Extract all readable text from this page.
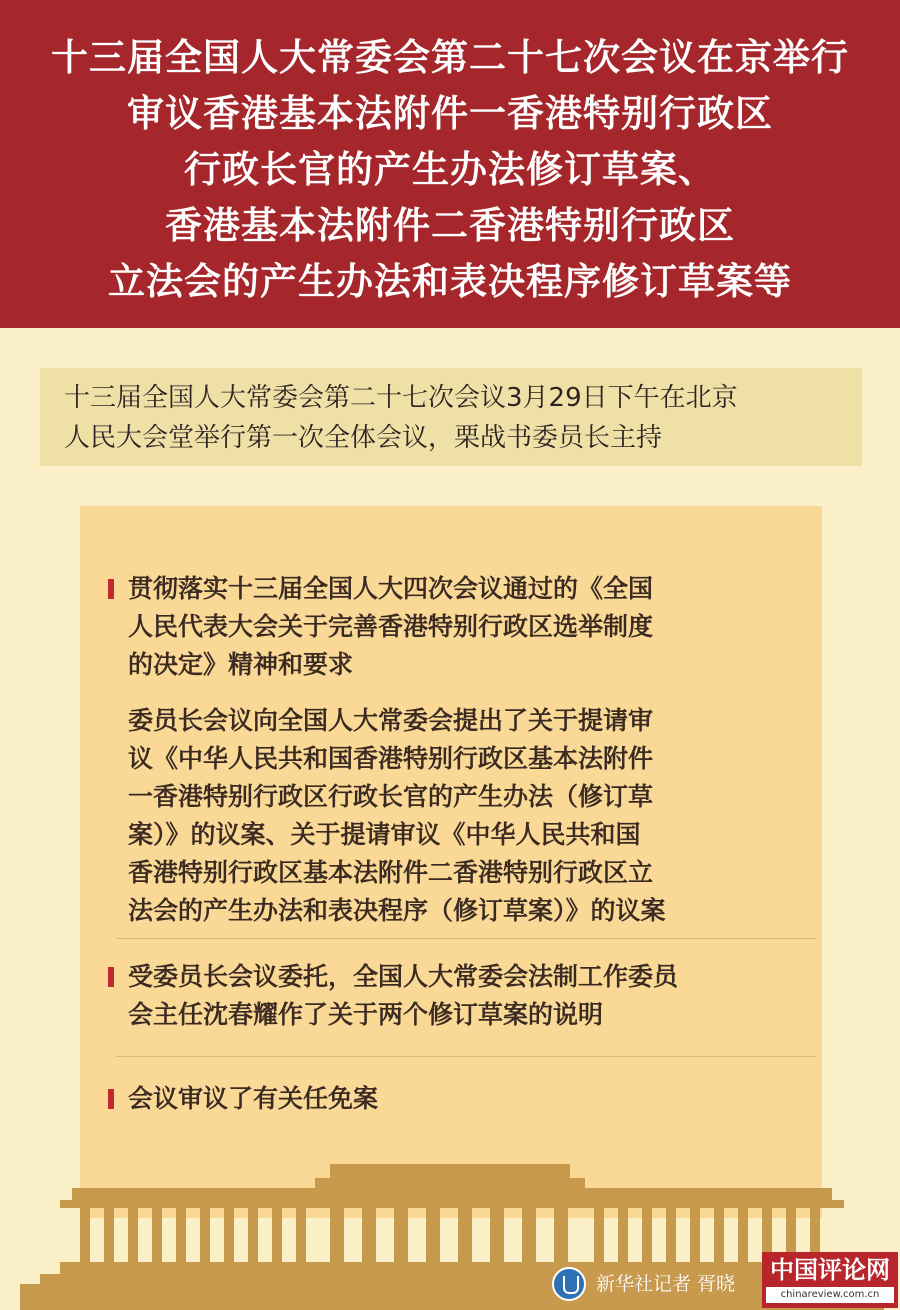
十三届全国人大常委会第二十七次会议在京举行
审议香港基本法附件一香港特别行政区
行政长官的产生办法修订草案、
香港基本法附件二香港特别行政区
立法会的产生办法和表决程序修订草案等
十三届全国人大常委会第二十七次会议3月29日下午在北京
人民大会堂举行第一次全体会议，栗战书委员长主持
贯彻落实十三届全国人大四次会议通过的《全国
人民代表大会关于完善香港特别行政区选举制度
的决定》精神和要求
委员长会议向全国人大常委会提出了关于提请审
议《中华人民共和国香港特别行政区基本法附件
一香港特别行政区行政长官的产生办法（修订草
案）》的议案、关于提请审议《中华人民共和国
香港特别行政区基本法附件二香港特别行政区立
法会的产生办法和表决程序（修订草案）》的议案
受委员长会议委托，全国人大常委会法制工作委员
会主任沈春耀作了关于两个修订草案的说明
会议审议了有关任免案
新华社记者 胥晓	中国评论网
chinareview.com.cn
